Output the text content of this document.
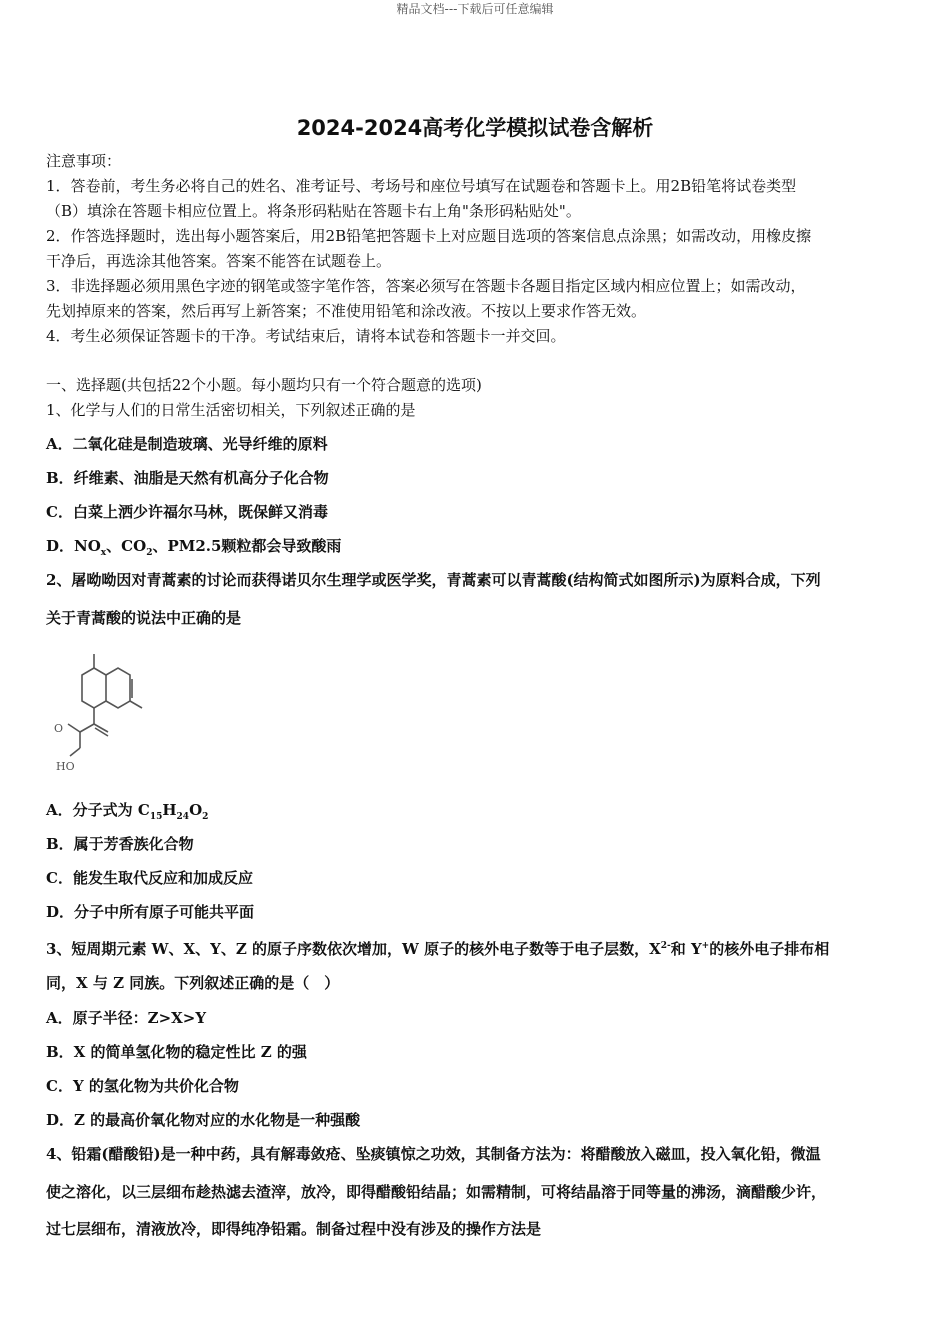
精品文档---下载后可任意编辑
2024-2024高考化学模拟试卷含解析
注意事项：
1．答卷前，考生务必将自己的姓名、准考证号、考场号和座位号填写在试题卷和答题卡上。用2B铅笔将试卷类型
（B）填涂在答题卡相应位置上。将条形码粘贴在答题卡右上角"条形码粘贴处"。
2．作答选择题时，选出每小题答案后，用2B铅笔把答题卡上对应题目选项的答案信息点涂黑；如需改动，用橡皮擦
干净后，再选涂其他答案。答案不能答在试题卷上。
3．非选择题必须用黑色字迹的钢笔或签字笔作答，答案必须写在答题卡各题目指定区域内相应位置上；如需改动，
先划掉原来的答案，然后再写上新答案；不准使用铅笔和涂改液。不按以上要求作答无效。
4．考生必须保证答题卡的干净。考试结束后，请将本试卷和答题卡一并交回。
一、选择题(共包括22个小题。每小题均只有一个符合题意的选项)
1、化学与人们的日常生活密切相关，下列叙述正确的是
A．二氧化硅是制造玻璃、光导纤维的原料
B．纤维素、油脂是天然有机高分子化合物
C．白菜上洒少许福尔马林，既保鲜又消毒
D．$NO_x$、$CO_2$、PM2.5颗粒都会导致酸雨
2、屠呦呦因对青蒿素的讨论而获得诺贝尔生理学或医学奖，青蒿素可以青蒿酸(结构简式如图所示)为原料合成，下列
关于青蒿酸的说法中正确的是
O
HO
A．分子式为 $C_{15}H_{24}O_2$
B．属于芳香族化合物
C．能发生取代反应和加成反应
D．分子中所有原子可能共平面
3、短周期元素 W、X、Y、Z 的原子序数依次增加，W 原子的核外电子数等于电子层数，$X^{2-}$和 Y+的核外电子排布相
同，X 与 Z 同族。下列叙述正确的是（　）
A．原子半径：Z>X>Y
B．X 的简单氢化物的稳定性比 Z 的强
C．Y 的氢化物为共价化合物
D．Z 的最高价氧化物对应的水化物是一种强酸
4、铅霜(醋酸铅)是一种中药，具有解毒敛疮、坠痰镇惊之功效，其制备方法为：将醋酸放入磁皿，投入氧化铅，微温
使之溶化，以三层细布趁热滤去渣滓，放冷，即得醋酸铅结晶；如需精制，可将结晶溶于同等量的沸汤，滴醋酸少许，
过七层细布，清液放冷，即得纯净铅霜。制备过程中没有涉及的操作方法是
